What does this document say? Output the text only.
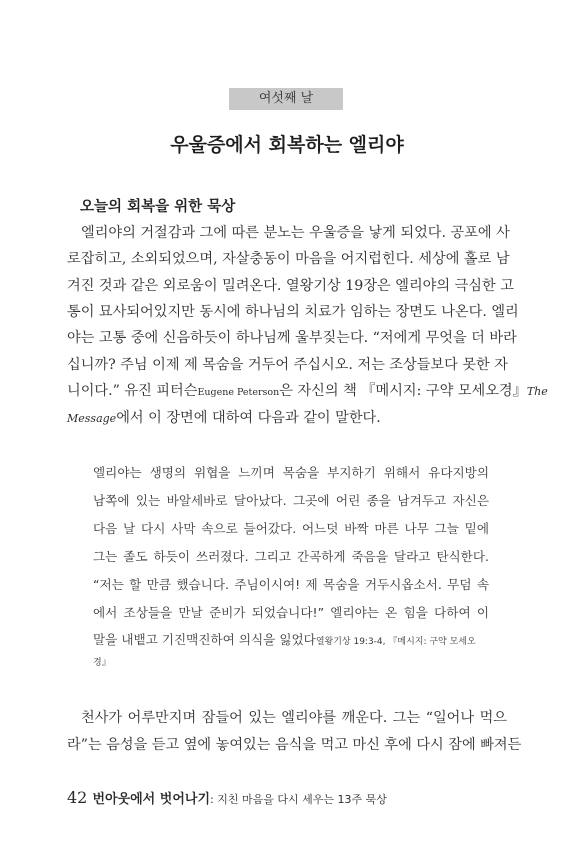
여섯째 날
우울증에서 회복하는 엘리야
오늘의 회복을 위한 묵상
엘리야의 거절감과 그에 따른 분노는 우울증을 낳게 되었다. 공포에 사
로잡히고, 소외되었으며, 자살충동이 마음을 어지럽힌다. 세상에 홀로 남
겨진 것과 같은 외로움이 밀려온다. 열왕기상 19장은 엘리야의 극심한 고
통이 묘사되어있지만 동시에 하나님의 치료가 임하는 장면도 나온다. 엘리
야는 고통 중에 신음하듯이 하나님께 울부짖는다. “저에게 무엇을 더 바라
십니까? 주님 이제 제 목숨을 거두어 주십시오. 저는 조상들보다 못한 자
니이다.” 유진 피터슨Eugene Peterson은 자신의 책 『메시지: 구약 모세오경』The
Message에서 이 장면에 대하여 다음과 같이 말한다.
엘리야는 생명의 위협을 느끼며 목숨을 부지하기 위해서 유다지방의
남쪽에 있는 바알세바로 달아났다. 그곳에 어린 종을 남겨두고 자신은
다음 날 다시 사막 속으로 들어갔다. 어느덧 바짝 마른 나무 그늘 밑에
그는 졸도 하듯이 쓰러졌다. 그리고 간곡하게 죽음을 달라고 탄식한다.
“저는 할 만큼 했습니다. 주님이시여! 제 목숨을 거두시옵소서. 무덤 속
에서 조상들을 만날 준비가 되었습니다!” 엘리야는 온 힘을 다하여 이
말을 내뱉고 기진맥진하여 의식을 잃었다열왕기상 19:3-4, 『메시지: 구약 모세오
경』
천사가 어루만지며 잠들어 있는 엘리야를 깨운다. 그는 “일어나 먹으
라”는 음성을 듣고 옆에 놓여있는 음식을 먹고 마신 후에 다시 잠에 빠져든
42 번아웃에서 벗어나기: 지친 마음을 다시 세우는 13주 묵상
